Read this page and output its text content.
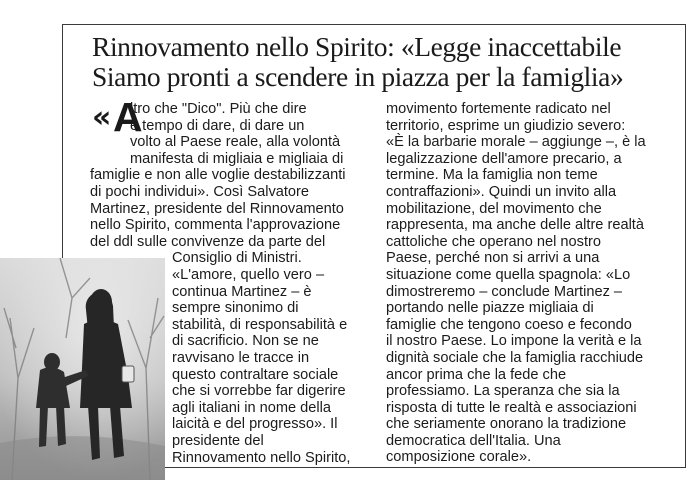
Rinnovamento nello Spirito: «Legge inaccettabile
Siamo pronti a scendere in piazza per la famiglia»
« A
ltro che "Dico". Più che dire
è tempo di dare, di dare un
volto al Paese reale, alla volontà
manifesta di migliaia e migliaia di
famiglie e non alle voglie destabilizzanti
di pochi individui». Così Salvatore
Martinez, presidente del Rinnovamento
nello Spirito, commenta l'approvazione
del ddl sulle convivenze da parte del
Consiglio di Ministri.
«L'amore, quello vero –
continua Martinez – è
sempre sinonimo di
stabilità, di responsabilità e
di sacrificio. Non se ne
ravvisano le tracce in
questo contraltare sociale
che si vorrebbe far digerire
agli italiani in nome della
laicità e del progresso». Il
presidente del
Rinnovamento nello Spirito,
movimento fortemente radicato nel
territorio, esprime un giudizio severo:
«È la barbarie morale – aggiunge –, è la
legalizzazione dell'amore precario, a
termine. Ma la famiglia non teme
contraffazioni». Quindi un invito alla
mobilitazione, del movimento che
rappresenta, ma anche delle altre realtà
cattoliche che operano nel nostro
Paese, perché non si arrivi a una
situazione come quella spagnola: «Lo
dimostreremo – conclude Martinez –
portando nelle piazze migliaia di
famiglie che tengono coeso e fecondo
il nostro Paese. Lo impone la verità e la
dignità sociale che la famiglia racchiude
ancor prima che la fede che
professiamo. La speranza che sia la
risposta di tutte le realtà e associazioni
che seriamente onorano la tradizione
democratica dell'Italia. Una
composizione corale».
